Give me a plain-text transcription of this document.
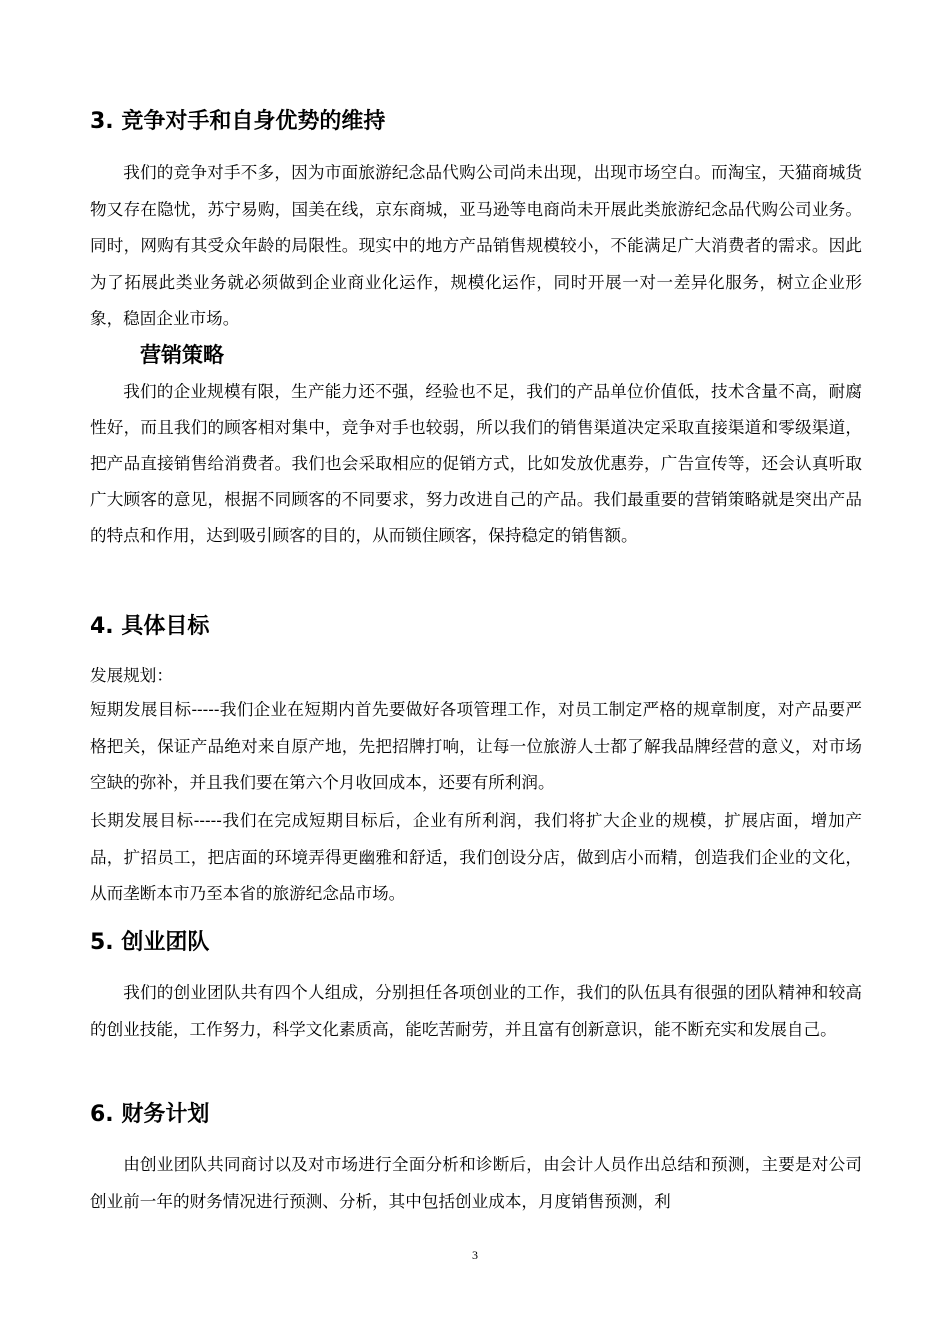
3. 竞争对手和自身优势的维持

我们的竞争对手不多，因为市面旅游纪念品代购公司尚未出现，出现市场空白。而淘宝，天猫商城货物又存在隐忧，苏宁易购，国美在线，京东商城，亚马逊等电商尚未开展此类旅游纪念品代购公司业务。同时，网购有其受众年龄的局限性。现实中的地方产品销售规模较小，不能满足广大消费者的需求。因此为了拓展此类业务就必须做到企业商业化运作，规模化运作，同时开展一对一差异化服务，树立企业形象，稳固企业市场。

营销策略

我们的企业规模有限，生产能力还不强，经验也不足，我们的产品单位价值低，技术含量不高，耐腐性好，而且我们的顾客相对集中，竞争对手也较弱，所以我们的销售渠道决定采取直接渠道和零级渠道，把产品直接销售给消费者。我们也会采取相应的促销方式，比如发放优惠券，广告宣传等，还会认真听取广大顾客的意见，根据不同顾客的不同要求，努力改进自己的产品。我们最重要的营销策略就是突出产品的特点和作用，达到吸引顾客的目的，从而锁住顾客，保持稳定的销售额。

4. 具体目标

发展规划：

短期发展目标-----我们企业在短期内首先要做好各项管理工作，对员工制定严格的规章制度，对产品要严格把关，保证产品绝对来自原产地，先把招牌打响，让每一位旅游人士都了解我品牌经营的意义，对市场空缺的弥补，并且我们要在第六个月收回成本，还要有所利润。

长期发展目标-----我们在完成短期目标后，企业有所利润，我们将扩大企业的规模，扩展店面，增加产品，扩招员工，把店面的环境弄得更幽雅和舒适，我们创设分店，做到店小而精，创造我们企业的文化，从而垄断本市乃至本省的旅游纪念品市场。

5. 创业团队

我们的创业团队共有四个人组成，分别担任各项创业的工作，我们的队伍具有很强的团队精神和较高的创业技能，工作努力，科学文化素质高，能吃苦耐劳，并且富有创新意识，能不断充实和发展自己。

6. 财务计划

由创业团队共同商讨以及对市场进行全面分析和诊断后，由会计人员作出总结和预测，主要是对公司创业前一年的财务情况进行预测、分析，其中包括创业成本，月度销售预测，利

3
